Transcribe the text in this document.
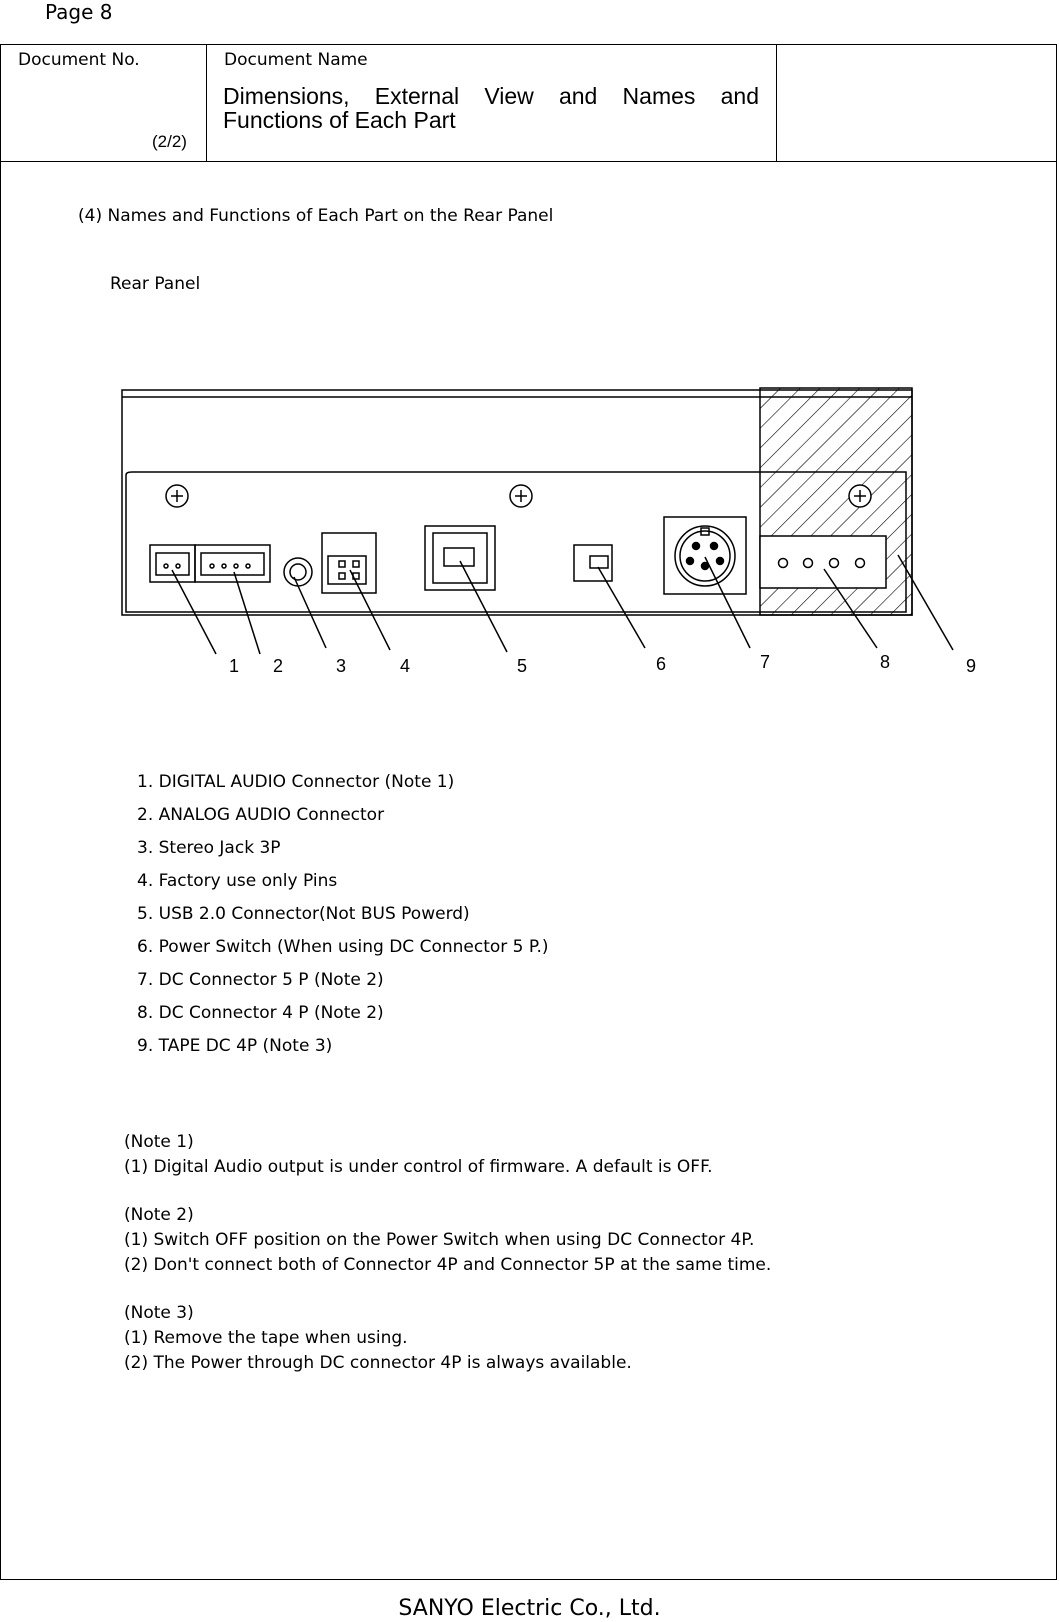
Page 8
Document No.
(2/2)
Document Name
Dimensions, External View and Names and Functions of Each Part
(4) Names and Functions of Each Part on the Rear Panel
Rear Panel
1 2	3	4	5	6	7	8	9
1. DIGITAL AUDIO Connector (Note 1)
2. ANALOG AUDIO Connector
3. Stereo Jack 3P
4. Factory use only Pins
5. USB 2.0 Connector(Not BUS Powerd)
6. Power Switch (When using DC Connector 5 P.)
7. DC Connector 5 P (Note 2)
8. DC Connector 4 P (Note 2)
9. TAPE DC 4P (Note 3)
(Note 1)
(1) Digital Audio output is under control of firmware. A default is OFF.
(Note 2)
(1) Switch OFF position on the Power Switch when using DC Connector 4P.
(2) Don't connect both of Connector 4P and Connector 5P at the same time.
(Note 3)
(1) Remove the tape when using.
(2) The Power through DC connector 4P is always available.
SANYO Electric Co., Ltd.
